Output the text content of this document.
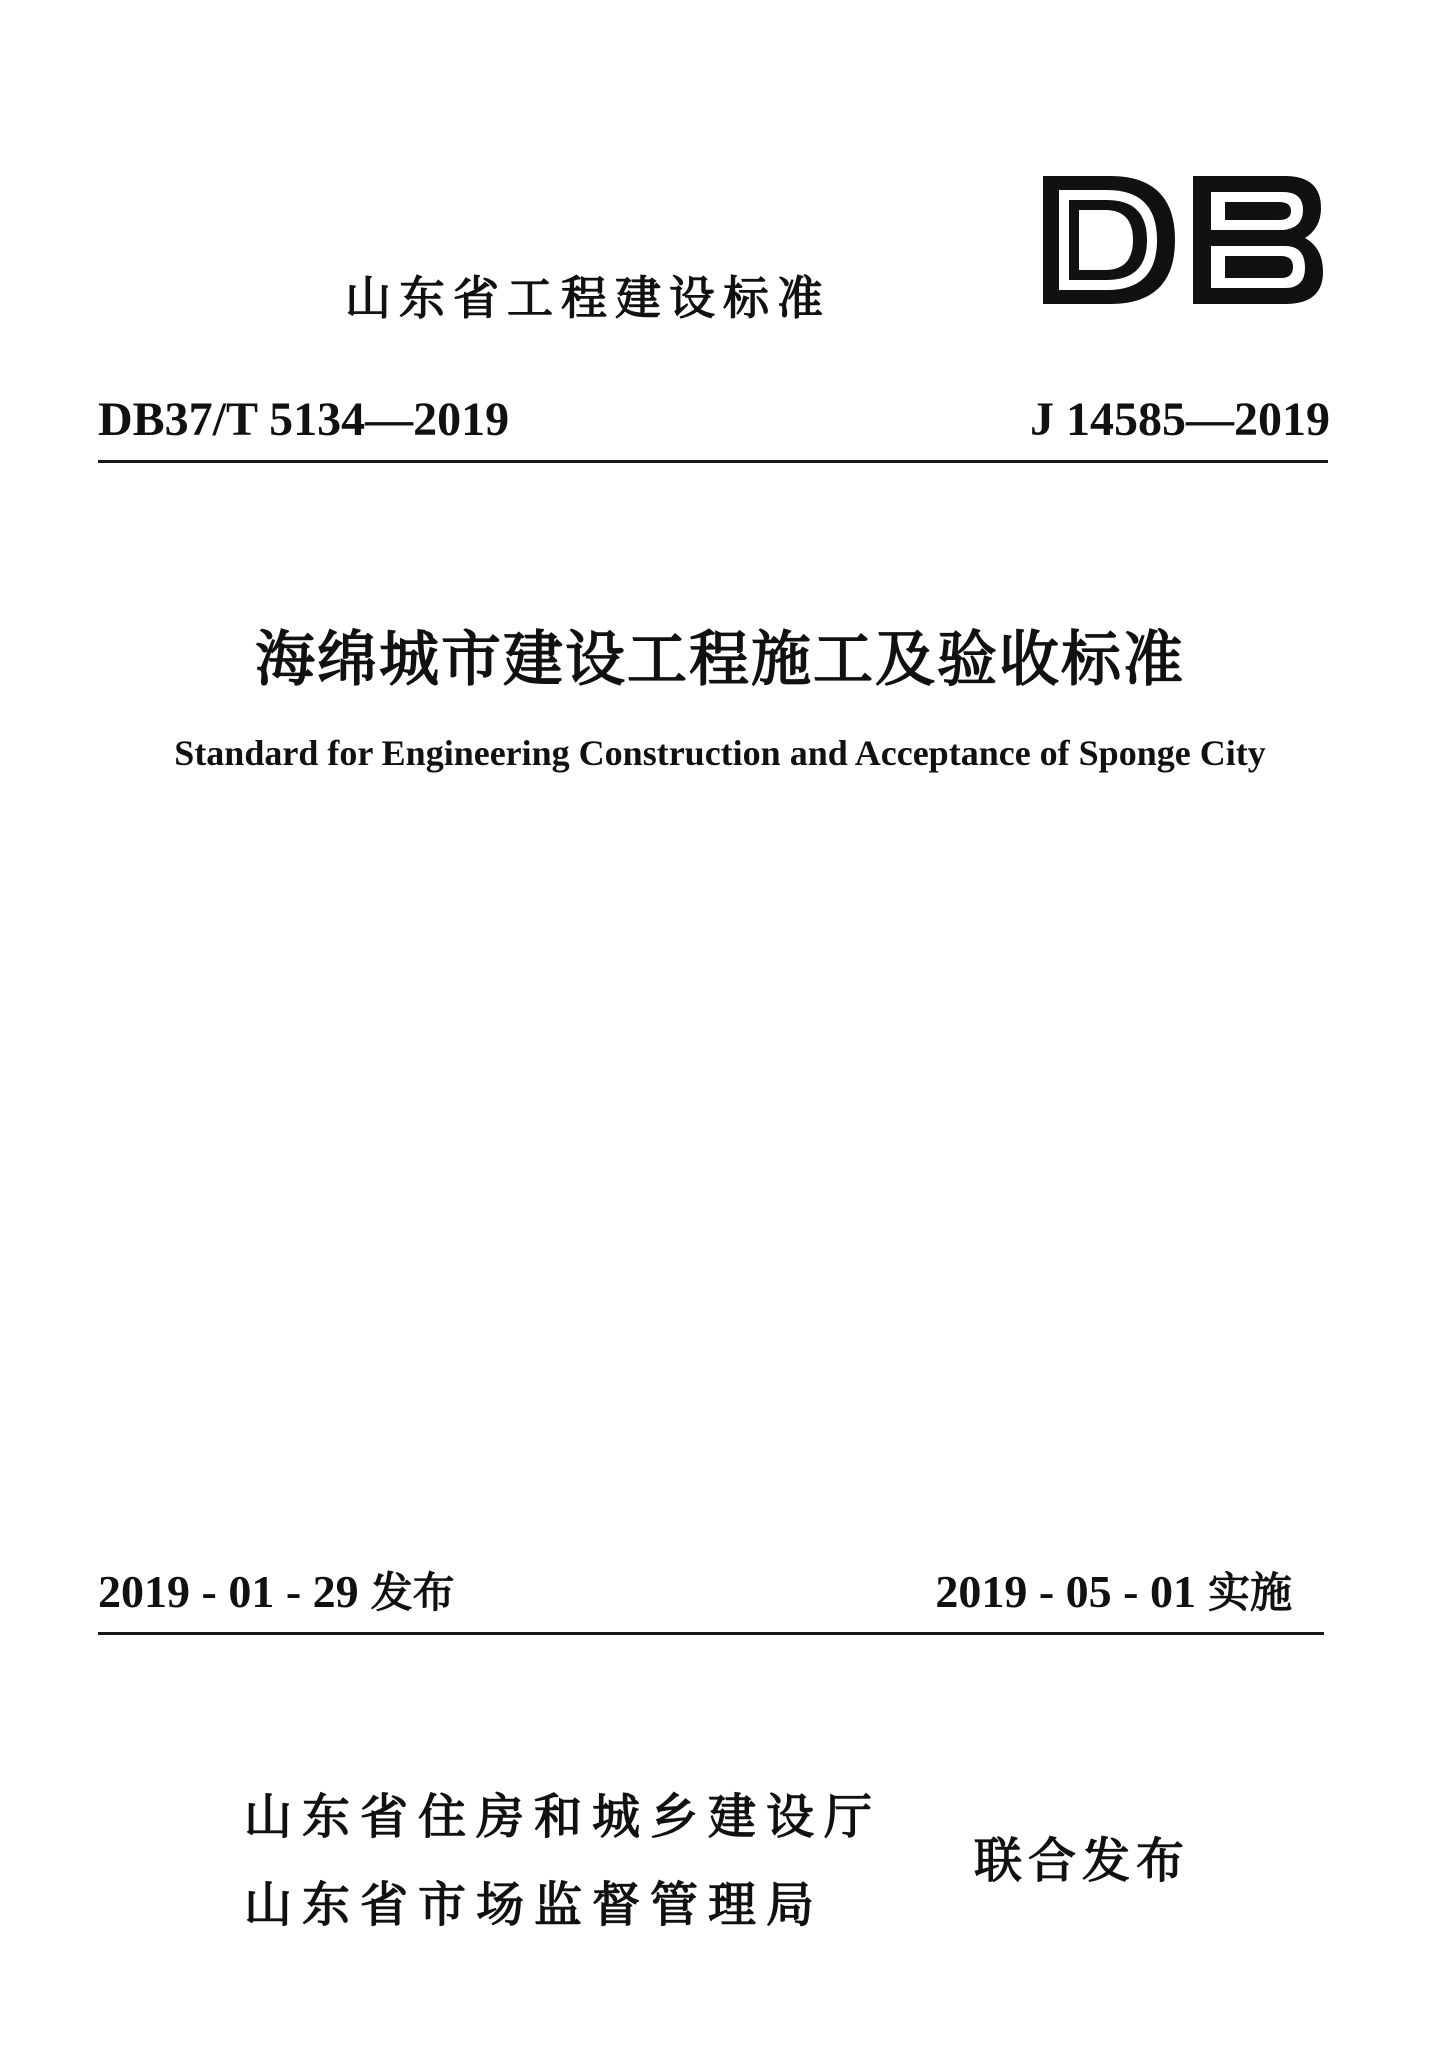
山东省工程建设标准
DB37/T 5134—2019	J 14585—2019
海绵城市建设工程施工及验收标准
Standard for Engineering Construction and Acceptance of Sponge City
2019 - 01 - 29 发布	2019 - 05 - 01 实施
山东省住房和城乡建设厅
山东省市场监督管理局
联合发布
